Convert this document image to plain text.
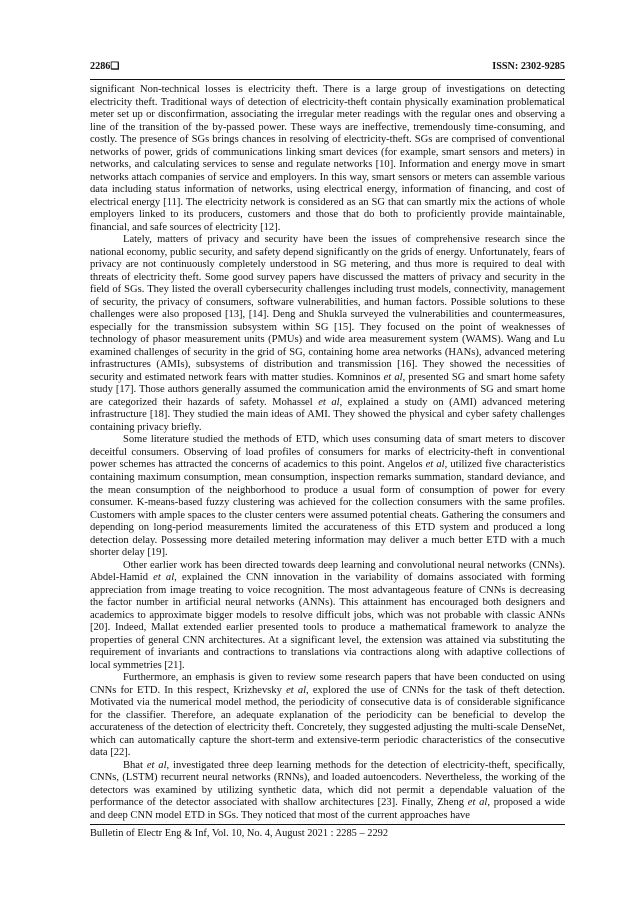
2286❑	ISSN: 2302-9285

significant Non-technical losses is electricity theft. There is a large group of investigations on detecting electricity theft. Traditional ways of detection of electricity-theft contain physically examination problematical meter set up or disconfirmation, associating the irregular meter readings with the regular ones and observing a line of the transition of the by-passed power. These ways are ineffective, tremendously time-consuming, and costly. The presence of SGs brings chances in resolving of electricity-theft. SGs are comprised of conventional networks of power, grids of communications linking smart devices (for example, smart sensors and meters) in networks, and calculating services to sense and regulate networks [10]. Information and energy move in smart networks attach companies of service and employers. In this way, smart sensors or meters can assemble various data including status information of networks, using electrical energy, information of financing, and cost of electrical energy [11]. The electricity network is considered as an SG that can smartly mix the actions of whole employers linked to its producers, customers and those that do both to proficiently provide maintainable, financial, and safe sources of electricity [12].

Lately, matters of privacy and security have been the issues of comprehensive research since the national economy, public security, and safety depend significantly on the grids of energy. Unfortunately, fears of privacy are not continuously completely understood in SG metering, and thus more is required to deal with threats of electricity theft. Some good survey papers have discussed the matters of privacy and security in the field of SGs. They listed the overall cybersecurity challenges including trust models, connectivity, management of security, the privacy of consumers, software vulnerabilities, and human factors. Possible solutions to these challenges were also proposed [13], [14]. Deng and Shukla surveyed the vulnerabilities and countermeasures, especially for the transmission subsystem within SG [15]. They focused on the point of weaknesses of technology of phasor measurement units (PMUs) and wide area measurement system (WAMS). Wang and Lu examined challenges of security in the grid of SG, containing home area networks (HANs), advanced metering infrastructures (AMIs), subsystems of distribution and transmission [16]. They showed the necessities of security and estimated network fears with matter studies. Komninos et al, presented SG and smart home safety study [17]. Those authors generally assumed the communication amid the environments of SG and smart home are categorized their hazards of safety. Mohassel et al, explained a study on (AMI) advanced metering infrastructure [18]. They studied the main ideas of AMI. They showed the physical and cyber safety challenges containing privacy briefly.

Some literature studied the methods of ETD, which uses consuming data of smart meters to discover deceitful consumers. Observing of load profiles of consumers for marks of electricity-theft in conventional power schemes has attracted the concerns of academics to this point. Angelos et al, utilized five characteristics containing maximum consumption, mean consumption, inspection remarks summation, standard deviance, and the mean consumption of the neighborhood to produce a usual form of consumption of power for every consumer. K-means-based fuzzy clustering was achieved for the collection consumers with the same profiles. Customers with ample spaces to the cluster centers were assumed potential cheats. Gathering the consumers and depending on long-period measurements limited the accurateness of this ETD system and produced a long detection delay. Possessing more detailed metering information may deliver a much better ETD with a much shorter delay [19].

Other earlier work has been directed towards deep learning and convolutional neural networks (CNNs). Abdel-Hamid et al, explained the CNN innovation in the variability of domains associated with forming appreciation from image treating to voice recognition. The most advantageous feature of CNNs is decreasing the factor number in artificial neural networks (ANNs). This attainment has encouraged both designers and academics to approximate bigger models to resolve difficult jobs, which was not probable with classic ANNs [20]. Indeed, Mallat extended earlier presented tools to produce a mathematical framework to analyze the properties of general CNN architectures. At a significant level, the extension was attained via substituting the requirement of invariants and contractions to translations via contractions along with adaptive collections of local symmetries [21].

Furthermore, an emphasis is given to review some research papers that have been conducted on using CNNs for ETD. In this respect, Krizhevsky et al, explored the use of CNNs for the task of theft detection. Motivated via the numerical model method, the periodicity of consecutive data is of considerable significance for the classifier. Therefore, an adequate explanation of the periodicity can be beneficial to develop the accurateness of the detection of electricity theft. Concretely, they suggested adjusting the multi-scale DenseNet, which can automatically capture the short-term and extensive-term periodic characteristics of the consecutive data [22].

Bhat et al, investigated three deep learning methods for the detection of electricity-theft, specifically, CNNs, (LSTM) recurrent neural networks (RNNs), and loaded autoencoders. Nevertheless, the working of the detectors was examined by utilizing synthetic data, which did not permit a dependable valuation of the performance of the detector associated with shallow architectures [23]. Finally, Zheng et al, proposed a wide and deep CNN model ETD in SGs. They noticed that most of the current approaches have

Bulletin of Electr Eng & Inf, Vol. 10, No. 4, August 2021 : 2285 – 2292
